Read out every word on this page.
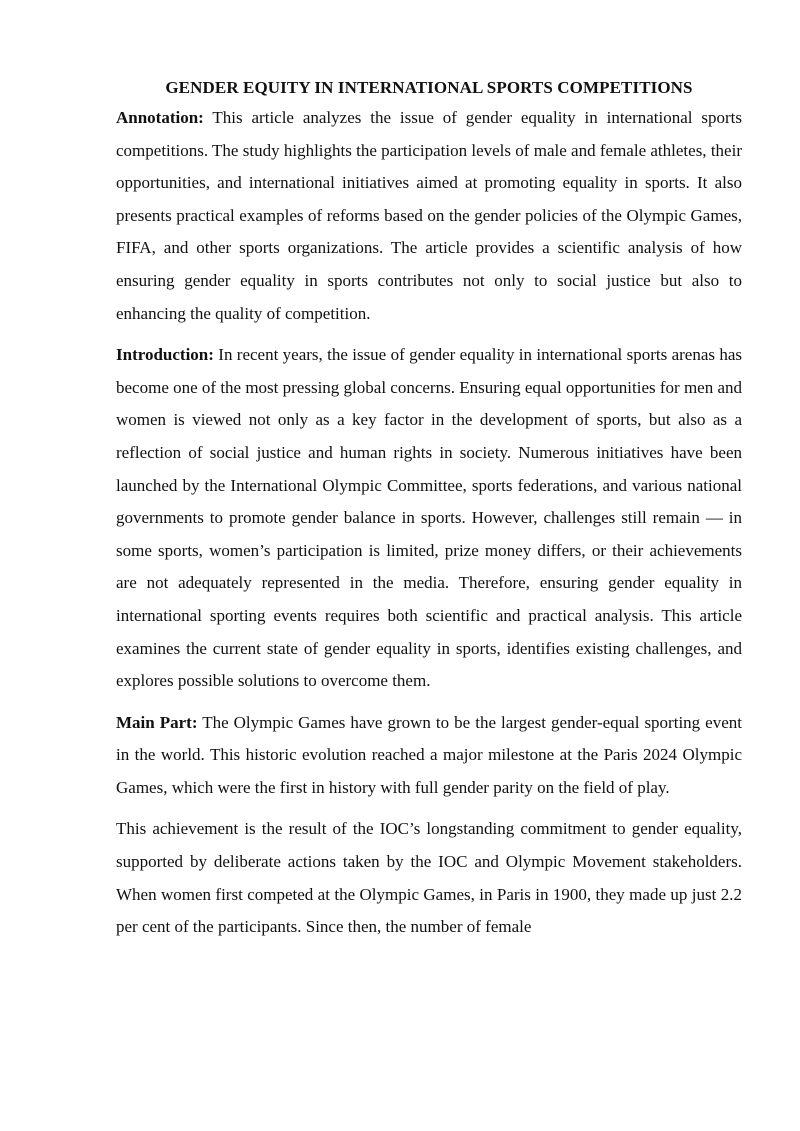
GENDER EQUITY IN INTERNATIONAL SPORTS COMPETITIONS

Annotation: This article analyzes the issue of gender equality in international sports competitions. The study highlights the participation levels of male and female athletes, their opportunities, and international initiatives aimed at promoting equality in sports. It also presents practical examples of reforms based on the gender policies of the Olympic Games, FIFA, and other sports organizations. The article provides a scientific analysis of how ensuring gender equality in sports contributes not only to social justice but also to enhancing the quality of competition.

Introduction: In recent years, the issue of gender equality in international sports arenas has become one of the most pressing global concerns. Ensuring equal opportunities for men and women is viewed not only as a key factor in the development of sports, but also as a reflection of social justice and human rights in society. Numerous initiatives have been launched by the International Olympic Committee, sports federations, and various national governments to promote gender balance in sports. However, challenges still remain — in some sports, women’s participation is limited, prize money differs, or their achievements are not adequately represented in the media. Therefore, ensuring gender equality in international sporting events requires both scientific and practical analysis. This article examines the current state of gender equality in sports, identifies existing challenges, and explores possible solutions to overcome them.

Main Part: The Olympic Games have grown to be the largest gender-equal sporting event in the world. This historic evolution reached a major milestone at the Paris 2024 Olympic Games, which were the first in history with full gender parity on the field of play.

This achievement is the result of the IOC’s longstanding commitment to gender equality, supported by deliberate actions taken by the IOC and Olympic Movement stakeholders. When women first competed at the Olympic Games, in Paris in 1900, they made up just 2.2 per cent of the participants. Since then, the number of female
